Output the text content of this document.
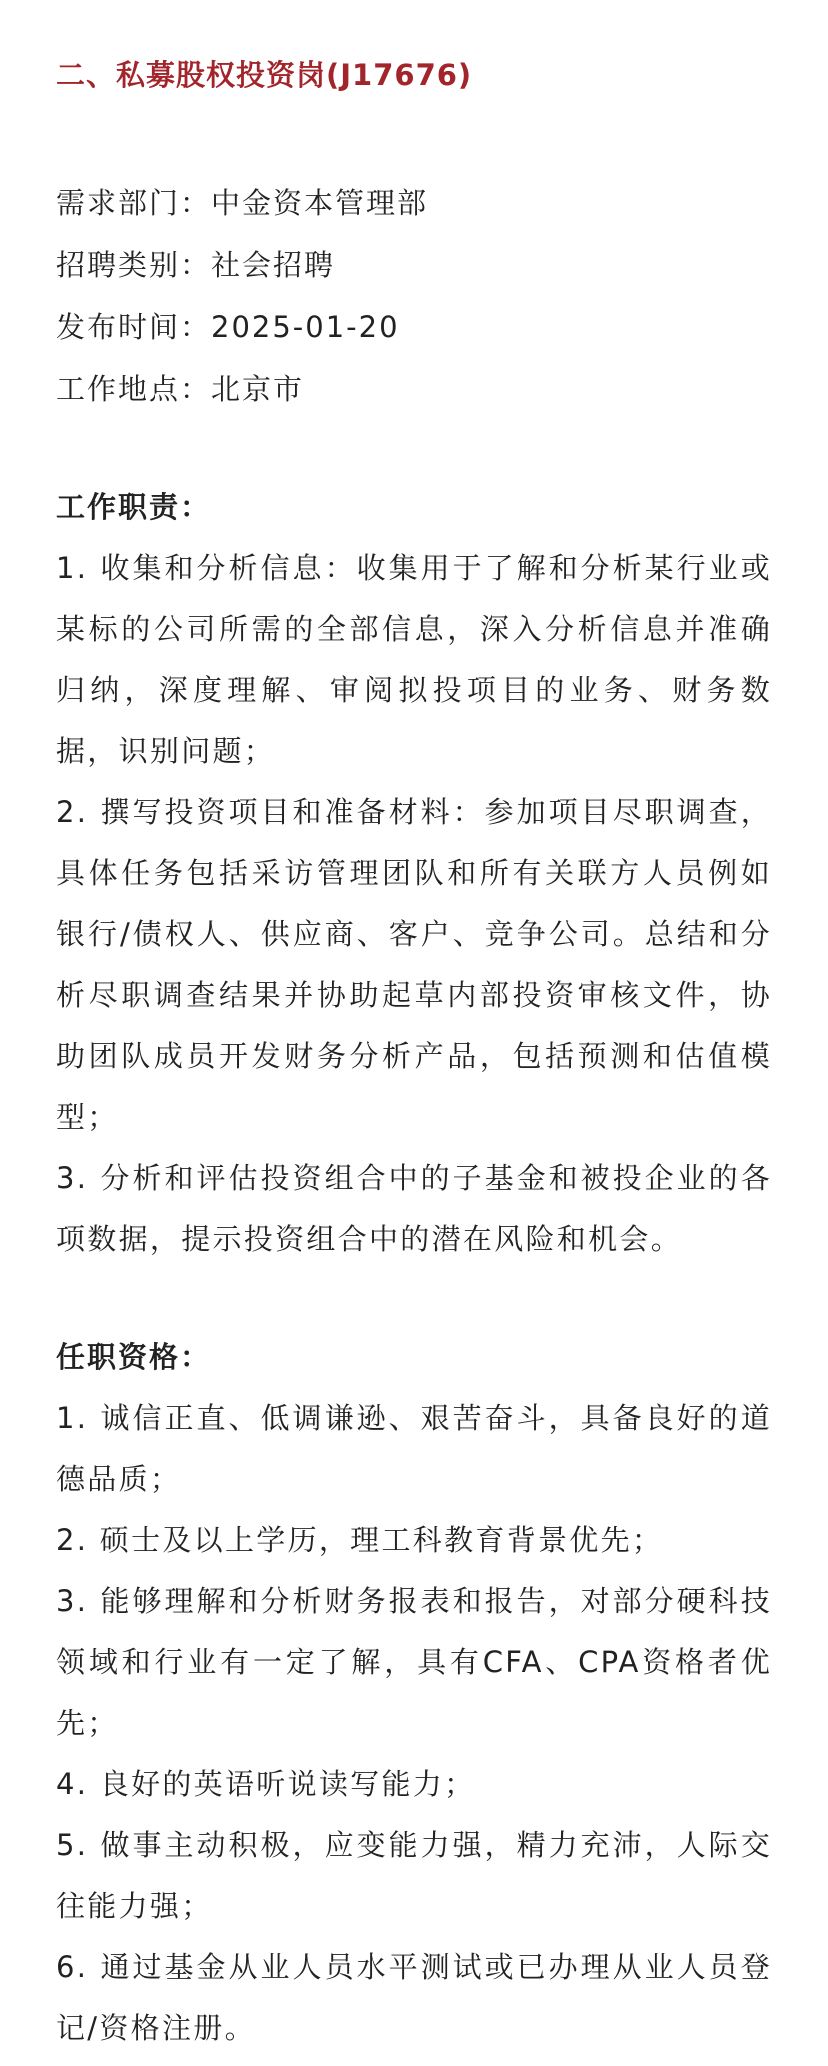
二、私募股权投资岗(J17676)
需求部门：中金资本管理部
招聘类别：社会招聘
发布时间：2025-01-20
工作地点：北京市
工作职责：

1. 收集和分析信息：收集用于了解和分析某行业或某标的公司所需的全部信息，深入分析信息并准确归纳，深度理解、审阅拟投项目的业务、财务数据，识别问题；

2. 撰写投资项目和准备材料：参加项目尽职调查，具体任务包括采访管理团队和所有关联方人员例如银行/债权人、供应商、客户、竞争公司。总结和分析尽职调查结果并协助起草内部投资审核文件，协助团队成员开发财务分析产品，包括预测和估值模型；

3. 分析和评估投资组合中的子基金和被投企业的各项数据，提示投资组合中的潜在风险和机会。

任职资格：

1. 诚信正直、低调谦逊、艰苦奋斗，具备良好的道德品质；

2. 硕士及以上学历，理工科教育背景优先；

3. 能够理解和分析财务报表和报告，对部分硬科技领域和行业有一定了解，具有CFA、CPA资格者优先；

4. 良好的英语听说读写能力；

5. 做事主动积极，应变能力强，精力充沛，人际交往能力强；

6. 通过基金从业人员水平测试或已办理从业人员登记/资格注册。
